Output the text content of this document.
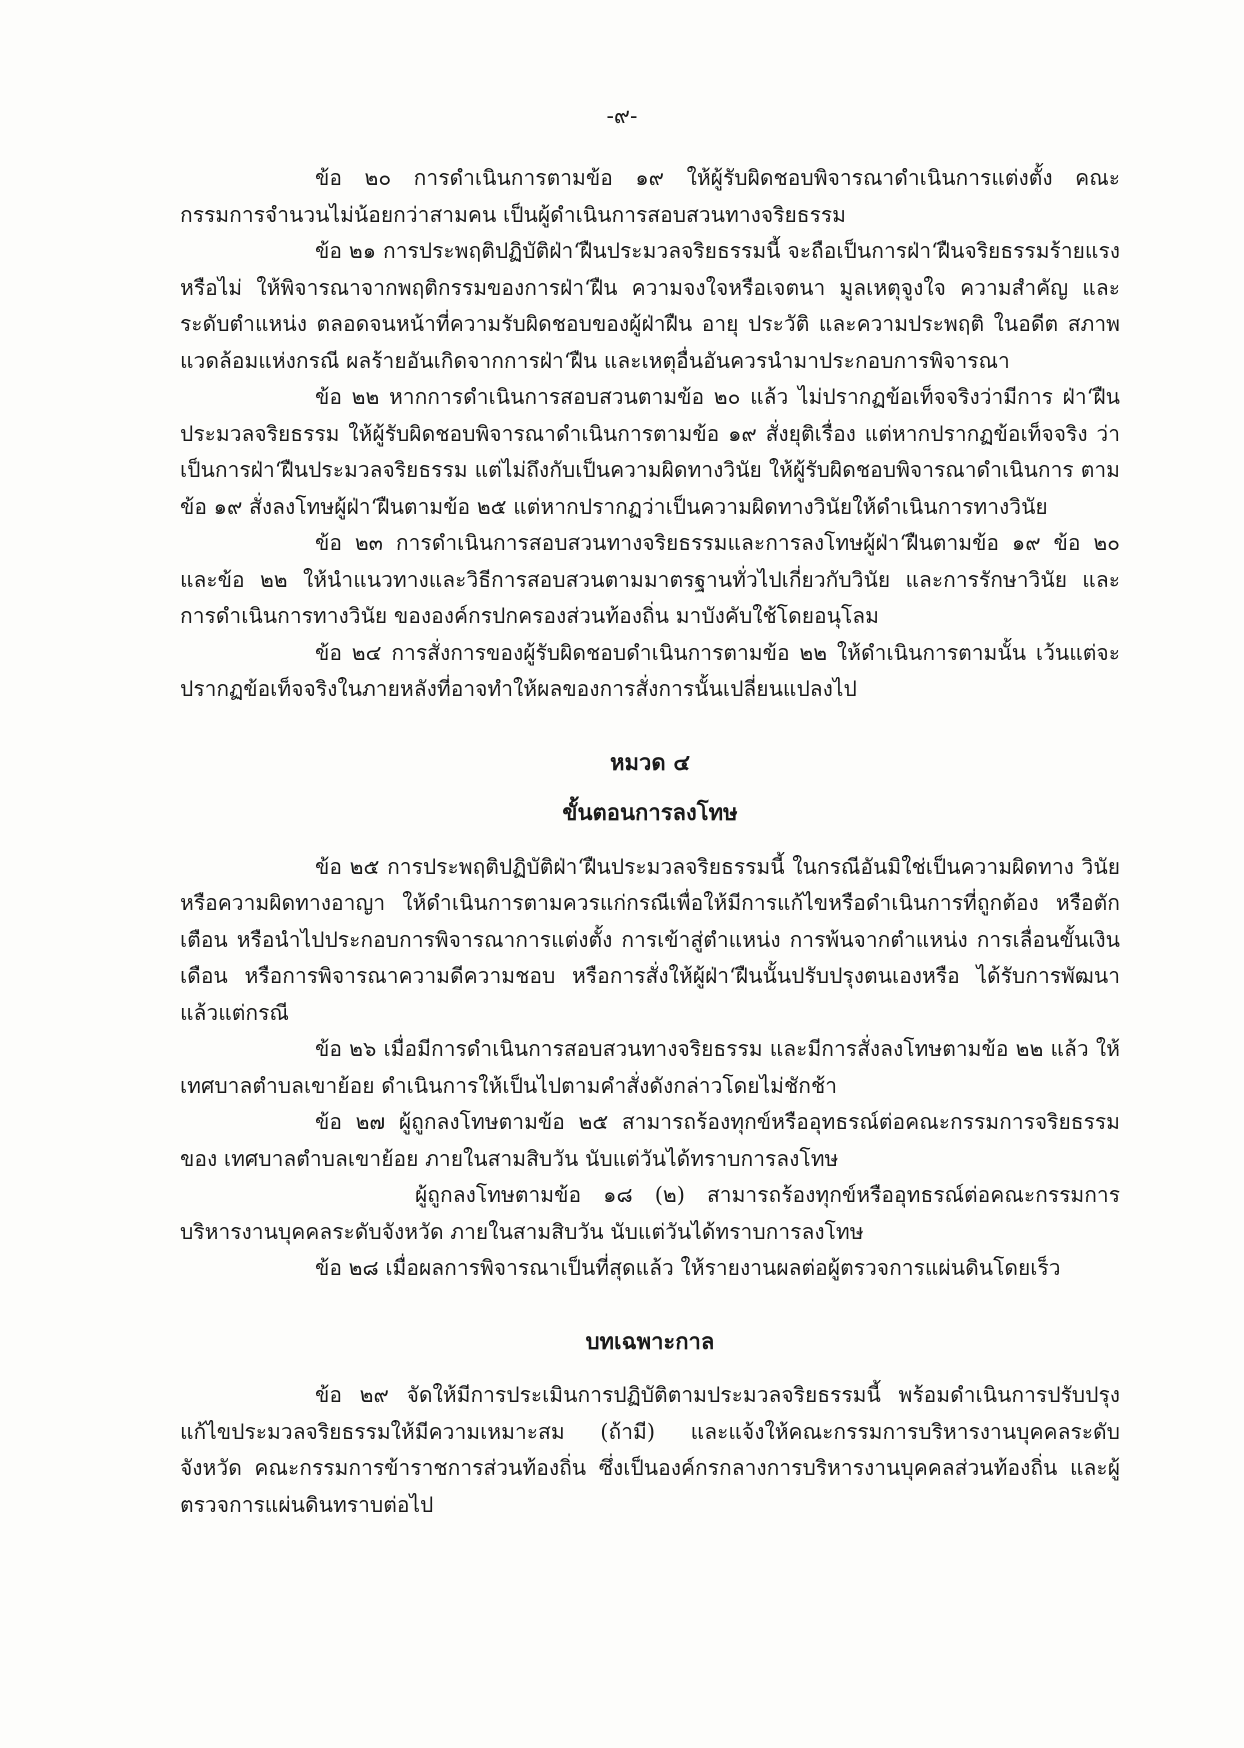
-๙-

ข้อ ๒๐ การดำเนินการตามข้อ ๑๙ ให้ผู้รับผิดชอบพิจารณาดำเนินการแต่งตั้ง คณะกรรมการจำนวนไม่น้อยกว่าสามคน เป็นผู้ดำเนินการสอบสวนทางจริยธรรม

ข้อ ๒๑ การประพฤติปฏิบัติฝ่า‘ฝืนประมวลจริยธรรมนี้ จะถือเป็นการฝ่า‘ฝืนจริยธรรมร้ายแรงหรือไม่ ให้พิจารณาจากพฤติกรรมของการฝ่า‘ฝืน ความจงใจหรือเจตนา มูลเหตุจูงใจ ความสำคัญ และระดับตำแหน่ง ตลอดจนหน้าที่ความรับผิดชอบของผู้ฝ่าฝืน อายุ ประวัติ และความประพฤติ ในอดีต สภาพแวดล้อมแห่งกรณี ผลร้ายอันเกิดจากการฝ่า‘ฝืน และเหตุอื่นอันควรนำมาประกอบการพิจารณา

ข้อ ๒๒ หากการดำเนินการสอบสวนตามข้อ ๒๐ แล้ว ไม่ปรากฏข้อเท็จจริงว่ามีการ ฝ่า‘ฝืนประมวลจริยธรรม ให้ผู้รับผิดชอบพิจารณาดำเนินการตามข้อ ๑๙ สั่งยุติเรื่อง แต่หากปรากฏข้อเท็จจริง ว่าเป็นการฝ่า‘ฝืนประมวลจริยธรรม แต่ไม่ถึงกับเป็นความผิดทางวินัย ให้ผู้รับผิดชอบพิจารณาดำเนินการ ตามข้อ ๑๙ สั่งลงโทษผู้ฝ่า‘ฝืนตามข้อ ๒๕ แต่หากปรากฏว่าเป็นความผิดทางวินัยให้ดำเนินการทางวินัย

ข้อ ๒๓ การดำเนินการสอบสวนทางจริยธรรมและการลงโทษผู้ฝ่า‘ฝืนตามข้อ ๑๙ ข้อ ๒๐ และข้อ ๒๒ ให้นำแนวทางและวิธีการสอบสวนตามมาตรฐานทั่วไปเกี่ยวกับวินัย และการรักษาวินัย และการดำเนินการทางวินัย ขององค์กรปกครองส่วนท้องถิ่น มาบังคับใช้โดยอนุโลม

ข้อ ๒๔ การสั่งการของผู้รับผิดชอบดำเนินการตามข้อ ๒๒ ให้ดำเนินการตามนั้น เว้นแต่จะปรากฏข้อเท็จจริงในภายหลังที่อาจทำให้ผลของการสั่งการนั้นเปลี่ยนแปลงไป

หมวด ๔

ขั้นตอนการลงโทษ

ข้อ ๒๕ การประพฤติปฏิบัติฝ่า‘ฝืนประมวลจริยธรรมนี้ ในกรณีอันมิใช่เป็นความผิดทาง วินัยหรือความผิดทางอาญา ให้ดำเนินการตามควรแก่กรณีเพื่อให้มีการแก้ไขหรือดำเนินการที่ถูกต้อง หรือตักเตือน หรือนำไปประกอบการพิจารณาการแต่งตั้ง การเข้าสู่ตำแหน่ง การพ้นจากตำแหน่ง การเลื่อนขั้นเงินเดือน หรือการพิจารณาความดีความชอบ หรือการสั่งให้ผู้ฝ่า‘ฝืนนั้นปรับปรุงตนเองหรือ ได้รับการพัฒนา แล้วแต่กรณี

ข้อ ๒๖ เมื่อมีการดำเนินการสอบสวนทางจริยธรรม และมีการสั่งลงโทษตามข้อ ๒๒ แล้ว ให้เทศบาลตำบลเขาย้อย ดำเนินการให้เป็นไปตามคำสั่งดังกล่าวโดยไม่ชักช้า

ข้อ ๒๗ ผู้ถูกลงโทษตามข้อ ๒๕ สามารถร้องทุกข์หรืออุทธรณ์ต่อคณะกรรมการจริยธรรมของ เทศบาลตำบลเขาย้อย ภายในสามสิบวัน นับแต่วันได้ทราบการลงโทษ

ผู้ถูกลงโทษตามข้อ ๑๘ (๒) สามารถร้องทุกข์หรืออุทธรณ์ต่อคณะกรรมการบริหารงานบุคคลระดับจังหวัด ภายในสามสิบวัน นับแต่วันได้ทราบการลงโทษ

ข้อ ๒๘ เมื่อผลการพิจารณาเป็นที่สุดแล้ว ให้รายงานผลต่อผู้ตรวจการแผ่นดินโดยเร็ว

บทเฉพาะกาล

ข้อ ๒๙ จัดให้มีการประเมินการปฏิบัติตามประมวลจริยธรรมนี้ พร้อมดำเนินการปรับปรุงแก้ไขประมวลจริยธรรมให้มีความเหมาะสม (ถ้ามี) และแจ้งให้คณะกรรมการบริหารงานบุคคลระดับจังหวัด คณะกรรมการข้าราชการส่วนท้องถิ่น ซึ่งเป็นองค์กรกลางการบริหารงานบุคคลส่วนท้องถิ่น และผู้ตรวจการแผ่นดินทราบต่อไป
